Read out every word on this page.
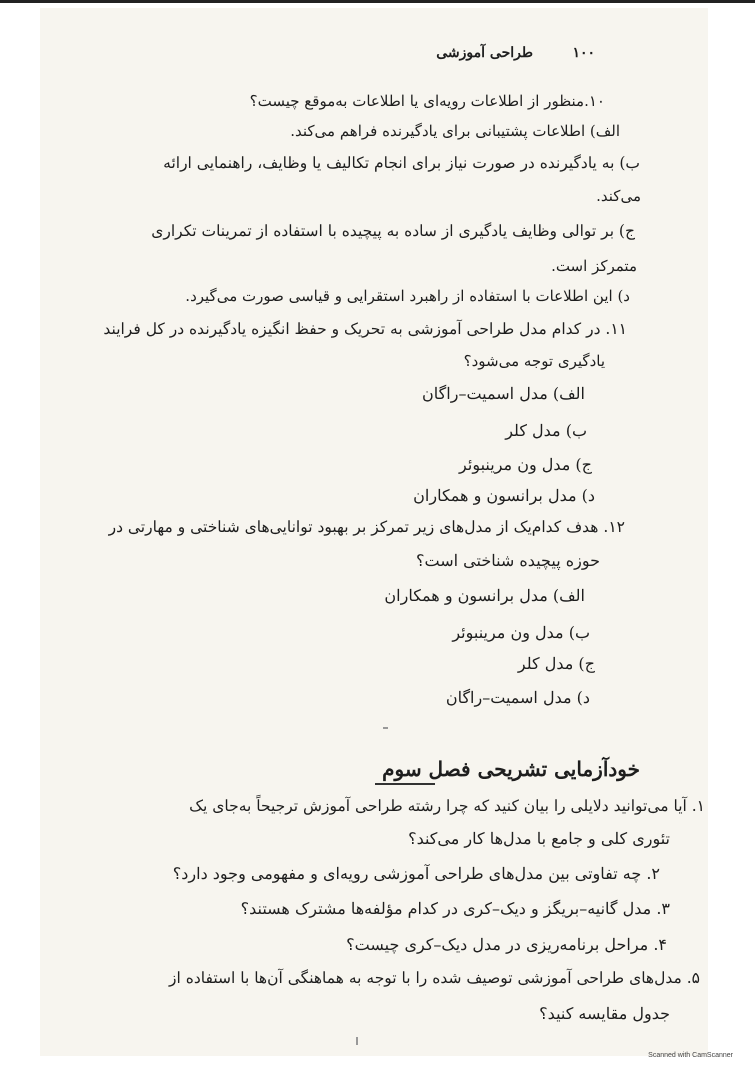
۱۰۰
طراحی آموزشی
۱۰.منظور از اطلاعات رویه‌ای یا اطلاعات به‌موقع چیست؟
الف) اطلاعات پشتیبانی برای یادگیرنده فراهم می‌کند.
ب) به یادگیرنده در صورت نیاز برای انجام تکالیف یا وظایف، راهنمایی ارائه
می‌کند.
ج) بر توالی وظایف یادگیری از ساده به پیچیده با استفاده از تمرینات تکراری
متمرکز است.
د) این اطلاعات با استفاده از راهبرد استقرایی و قیاسی صورت می‌گیرد.
۱۱. در کدام مدل طراحی آموزشی به تحریک و حفظ انگیزه یادگیرنده در کل فرایند
یادگیری توجه می‌شود؟
الف) مدل اسمیت–راگان
ب) مدل کلر
ج) مدل ون مرینبوئر
د) مدل برانسون و همکاران
۱۲. هدف کدام‌یک از مدل‌های زیر تمرکز بر بهبود توانایی‌های شناختی و مهارتی در
حوزه پیچیده شناختی است؟
الف) مدل برانسون و همکاران
ب) مدل ون مرینبوئر
ج) مدل کلر
د) مدل اسمیت–راگان
خودآزمایی تشریحی فصل سوم
۱. آیا می‌توانید دلایلی را بیان کنید که چرا رشته طراحی آموزش ترجیحاً به‌جای یک
تئوری کلی و جامع با مدل‌ها کار می‌کند؟
۲. چه تفاوتی بین مدل‌های طراحی آموزشی رویه‌ای و مفهومی وجود دارد؟
۳. مدل گانیه–بریگز و دیک–کری در کدام مؤلفه‌ها مشترک هستند؟
۴. مراحل برنامه‌ریزی در مدل دیک–کری چیست؟
۵. مدل‌های طراحی آموزشی توصیف شده را با توجه به هماهنگی آن‌ها با استفاده از
جدول مقایسه کنید؟
Scanned with CamScanner
